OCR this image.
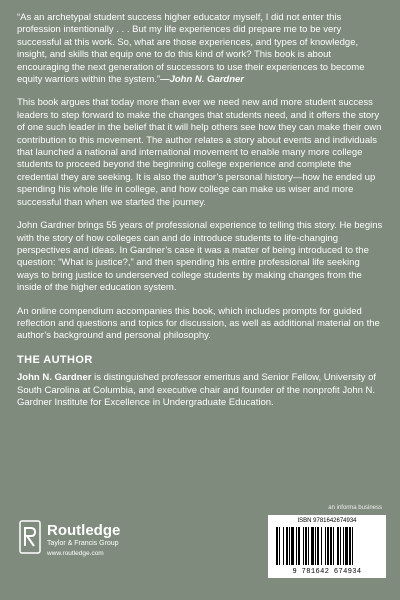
“As an archetypal student success higher educator myself, I did not enter this profession intentionally . . . But my life experiences did prepare me to be very successful at this work. So, what are those experiences, and types of knowledge, insight, and skills that equip one to do this kind of work? This book is about encouraging the next generation of successors to use their experiences to become equity warriors within the system.”—John N. Gardner

This book argues that today more than ever we need new and more student success leaders to step forward to make the changes that students need, and it offers the story of one such leader in the belief that it will help others see how they can make their own contribution to this movement. The author relates a story about events and individuals that launched a national and international movement to enable many more college students to proceed beyond the beginning college experience and complete the credential they are seeking. It is also the author’s personal history—how he ended up spending his whole life in college, and how college can make us wiser and more successful than when we started the journey.

John Gardner brings 55 years of professional experience to telling this story. He begins with the story of how colleges can and do introduce students to life-changing perspectives and ideas. In Gardner’s case it was a matter of being introduced to the question: “What is justice?,” and then spending his entire professional life seeking ways to bring justice to underserved college students by making changes from the inside of the higher education system.

An online compendium accompanies this book, which includes prompts for guided reflection and questions and topics for discussion, as well as additional material on the author’s background and personal philosophy.

THE AUTHOR

John N. Gardner is distinguished professor emeritus and Senior Fellow, University of South Carolina at Columbia, and executive chair and founder of the nonprofit John N. Gardner Institute for Excellence in Undergraduate Education.

an informa business
Routledge
Taylor & Francis Group
www.routledge.com
ISBN 9781642674934
9 781642 674934
